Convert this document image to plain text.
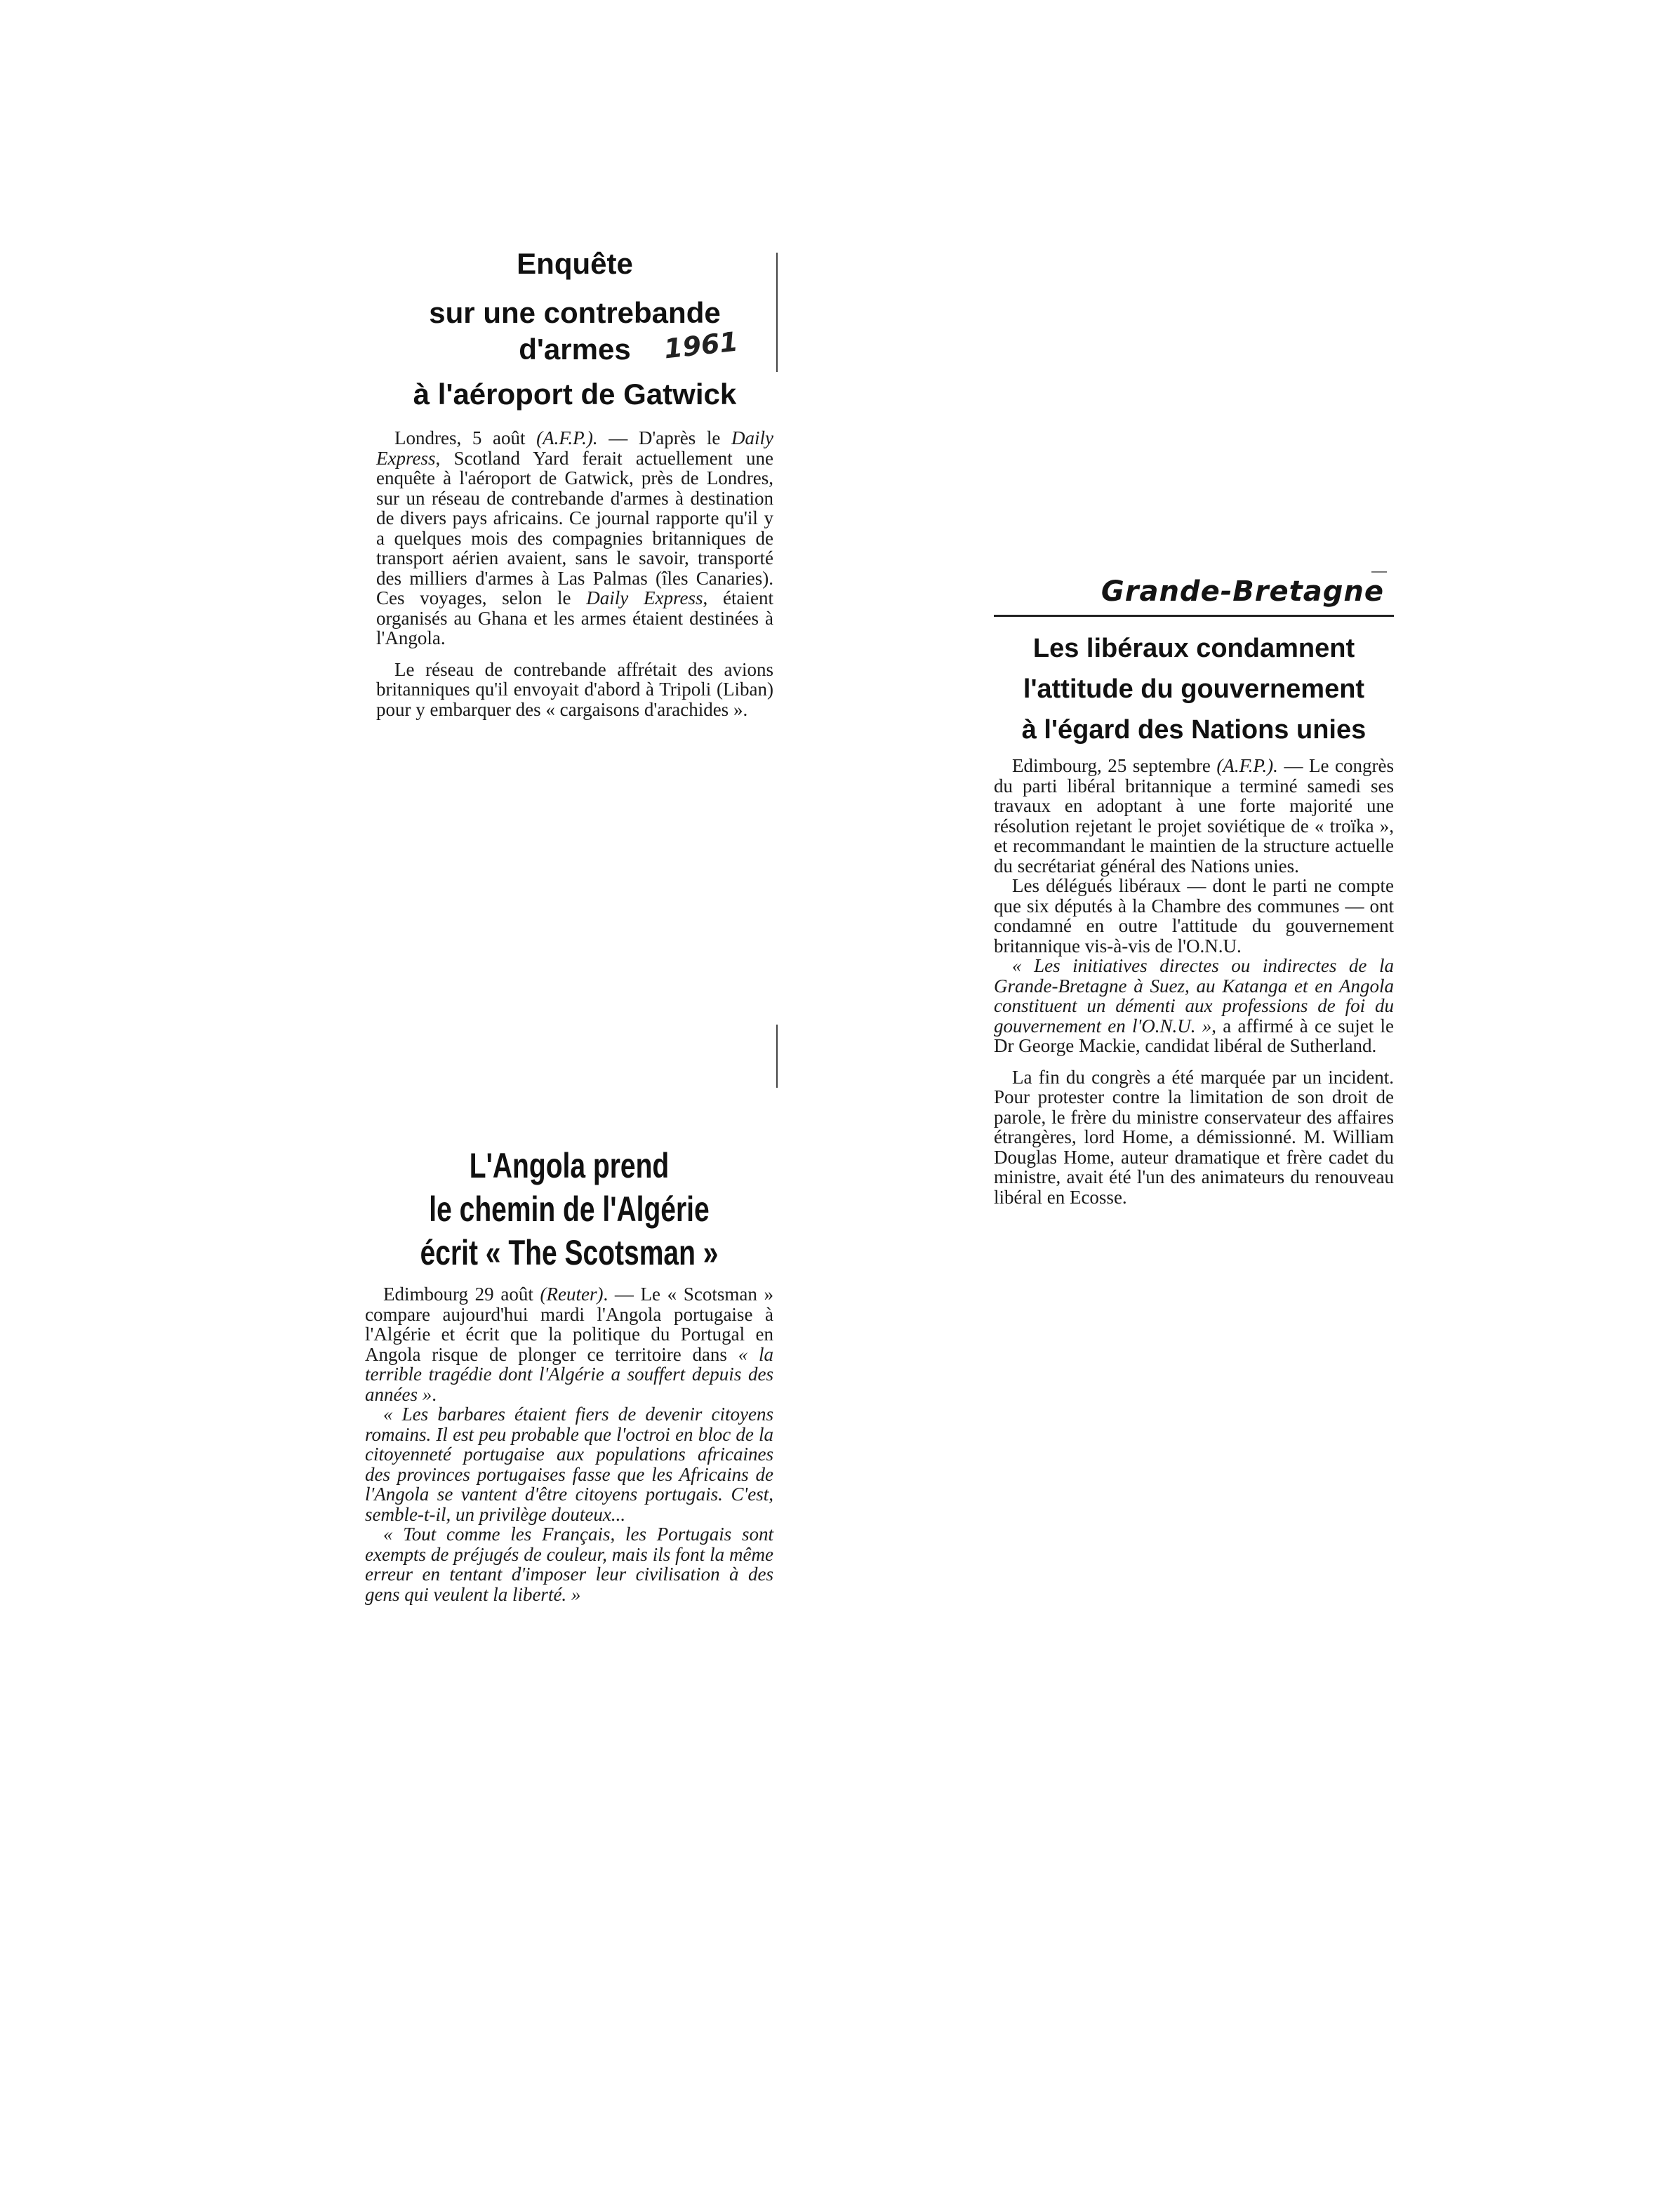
1961
Enquête
sur une contrebande d'armes
à l'aéroport de Gatwick

Londres, 5 août (A.F.P.). — D'après le Daily Express, Scotland Yard ferait actuellement une enquête à l'aéroport de Gatwick, près de Londres, sur un réseau de contrebande d'armes à destination de divers pays africains. Ce journal rapporte qu'il y a quelques mois des compagnies britanniques de transport aérien avaient, sans le savoir, transporté des milliers d'armes à Las Palmas (îles Canaries). Ces voyages, selon le Daily Express, étaient organisés au Ghana et les armes étaient destinées à l'Angola.

Le réseau de contrebande affrétait des avions britanniques qu'il envoyait d'abord à Tripoli (Liban) pour y embarquer des « cargaisons d'arachides ».

L'Angola prend
le chemin de l'Algérie
écrit « The Scotsman »

Edimbourg 29 août (Reuter). — Le « Scotsman » compare aujourd'hui mardi l'Angola portugaise à l'Algérie et écrit que la politique du Portugal en Angola risque de plonger ce territoire dans « la terrible tragédie dont l'Algérie a souffert depuis des années ».

« Les barbares étaient fiers de devenir citoyens romains. Il est peu probable que l'octroi en bloc de la citoyenneté portugaise aux populations africaines des provinces portugaises fasse que les Africains de l'Angola se vantent d'être citoyens portugais. C'est, semble-t-il, un privilège douteux...

« Tout comme les Français, les Portugais sont exempts de préjugés de couleur, mais ils font la même erreur en tentant d'imposer leur civilisation à des gens qui veulent la liberté. »

Grande-Bretagne
Les libéraux condamnent
l'attitude du gouvernement
à l'égard des Nations unies

Edimbourg, 25 septembre (A.F.P.). — Le congrès du parti libéral britannique a terminé samedi ses travaux en adoptant à une forte majorité une résolution rejetant le projet soviétique de « troïka », et recommandant le maintien de la structure actuelle du secrétariat général des Nations unies.

Les délégués libéraux — dont le parti ne compte que six députés à la Chambre des communes — ont condamné en outre l'attitude du gouvernement britannique vis-à-vis de l'O.N.U.

« Les initiatives directes ou indirectes de la Grande-Bretagne à Suez, au Katanga et en Angola constituent un démenti aux professions de foi du gouvernement en l'O.N.U. », a affirmé à ce sujet le Dr George Mackie, candidat libéral de Sutherland.

La fin du congrès a été marquée par un incident. Pour protester contre la limitation de son droit de parole, le frère du ministre conservateur des affaires étrangères, lord Home, a démissionné. M. William Douglas Home, auteur dramatique et frère cadet du ministre, avait été l'un des animateurs du renouveau libéral en Ecosse.
